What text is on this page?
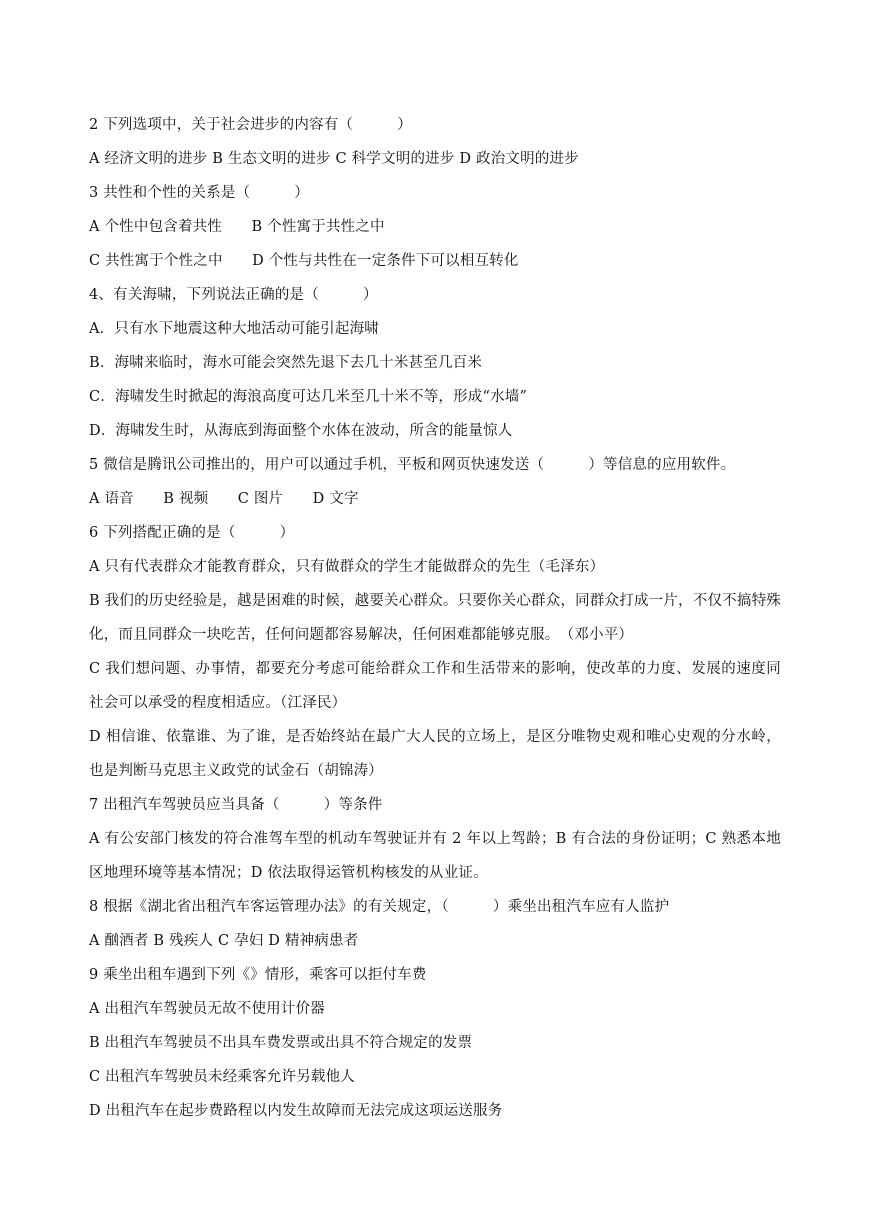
2 下列选项中，关于社会进步的内容有（　　　）
A 经济文明的进步 B 生态文明的进步 C 科学文明的进步 D 政治文明的进步
3 共性和个性的关系是（　　　）
A 个性中包含着共性　　B 个性寓于共性之中
C 共性寓于个性之中　　D 个性与共性在一定条件下可以相互转化
4、有关海啸，下列说法正确的是（　　　）
A．只有水下地震这种大地活动可能引起海啸
B．海啸来临时，海水可能会突然先退下去几十米甚至几百米
C．海啸发生时掀起的海浪高度可达几米至几十米不等，形成“水墙”
D．海啸发生时，从海底到海面整个水体在波动，所含的能量惊人
5 微信是腾讯公司推出的，用户可以通过手机，平板和网页快速发送（　　　）等信息的应用软件。
A 语音　　B 视频　　C 图片　　D 文字
6 下列搭配正确的是（　　　）
A 只有代表群众才能教育群众，只有做群众的学生才能做群众的先生（毛泽东）
B 我们的历史经验是，越是困难的时候，越要关心群众。只要你关心群众，同群众打成一片，不仅不搞特殊化，而且同群众一块吃苦，任何问题都容易解决，任何困难都能够克服。　（邓小平）
C 我们想问题、办事情，都要充分考虑可能给群众工作和生活带来的影响，使改革的力度、发展的速度同社会可以承受的程度相适应。（江泽民）
D 相信谁、依靠谁、为了谁，是否始终站在最广大人民的立场上，是区分唯物史观和唯心史观的分水岭，也是判断马克思主义政党的试金石（胡锦涛）
7 出租汽车驾驶员应当具备（　　　）等条件
A 有公安部门核发的符合准驾车型的机动车驾驶证并有 2 年以上驾龄；B 有合法的身份证明；C 熟悉本地区地理环境等基本情况；D 依法取得运管机构核发的从业证。
8 根据《湖北省出租汽车客运管理办法》的有关规定，（　　　）乘坐出租汽车应有人监护
A 酗酒者 B 残疾人 C 孕妇 D 精神病患者
9 乘坐出租车遇到下列《》情形，乘客可以拒付车费
A 出租汽车驾驶员无故不使用计价器
B 出租汽车驾驶员不出具车费发票或出具不符合规定的发票
C 出租汽车驾驶员未经乘客允许另载他人
D 出租汽车在起步费路程以内发生故障而无法完成这项运送服务
